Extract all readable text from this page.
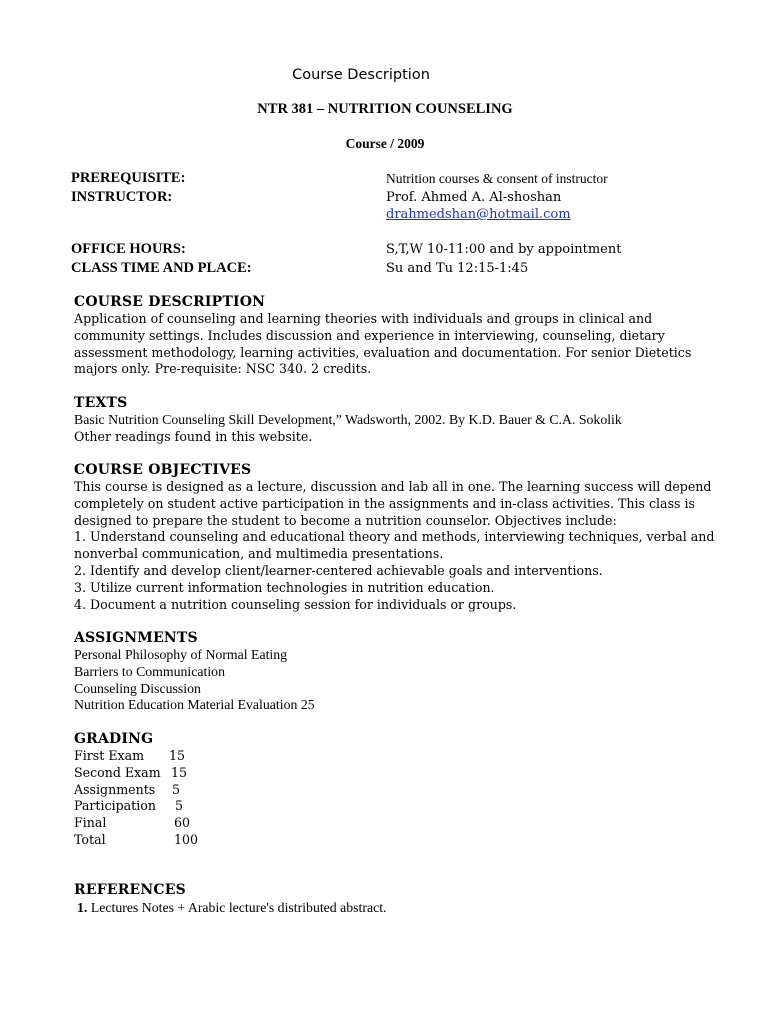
Course Description
NTR 381 – NUTRITION COUNSELING
Course / 2009
PREREQUISITE:	Nutrition courses & consent of instructor
INSTRUCTOR:	Prof. Ahmed A. Al-shoshan
drahmedshan@hotmail.com
OFFICE HOURS:	S,T,W 10-11:00 and by appointment
CLASS TIME AND PLACE:	Su and Tu 12:15-1:45
COURSE DESCRIPTION
Application of counseling and learning theories with individuals and groups in clinical and
community settings. Includes discussion and experience in interviewing, counseling, dietary
assessment methodology, learning activities, evaluation and documentation. For senior Dietetics
majors only. Pre-requisite: NSC 340. 2 credits.
TEXTS
Basic Nutrition Counseling Skill Development,” Wadsworth, 2002. By K.D. Bauer & C.A. Sokolik
Other readings found in this website.
COURSE OBJECTIVES
This course is designed as a lecture, discussion and lab all in one. The learning success will depend
completely on student active participation in the assignments and in-class activities. This class is
designed to prepare the student to become a nutrition counselor. Objectives include:
1. Understand counseling and educational theory and methods, interviewing techniques, verbal and
nonverbal communication, and multimedia presentations.
2. Identify and develop client/learner-centered achievable goals and interventions.
3. Utilize current information technologies in nutrition education.
4. Document a nutrition counseling session for individuals or groups.
ASSIGNMENTS
Personal Philosophy of Normal Eating
Barriers to Communication
Counseling Discussion
Nutrition Education Material Evaluation 25
GRADING
First Exam	15
Second Exam 15
Assignments	5
Participation	5
Final	60
Total	100
REFERENCES
1. Lectures Notes + Arabic lecture's distributed abstract.
